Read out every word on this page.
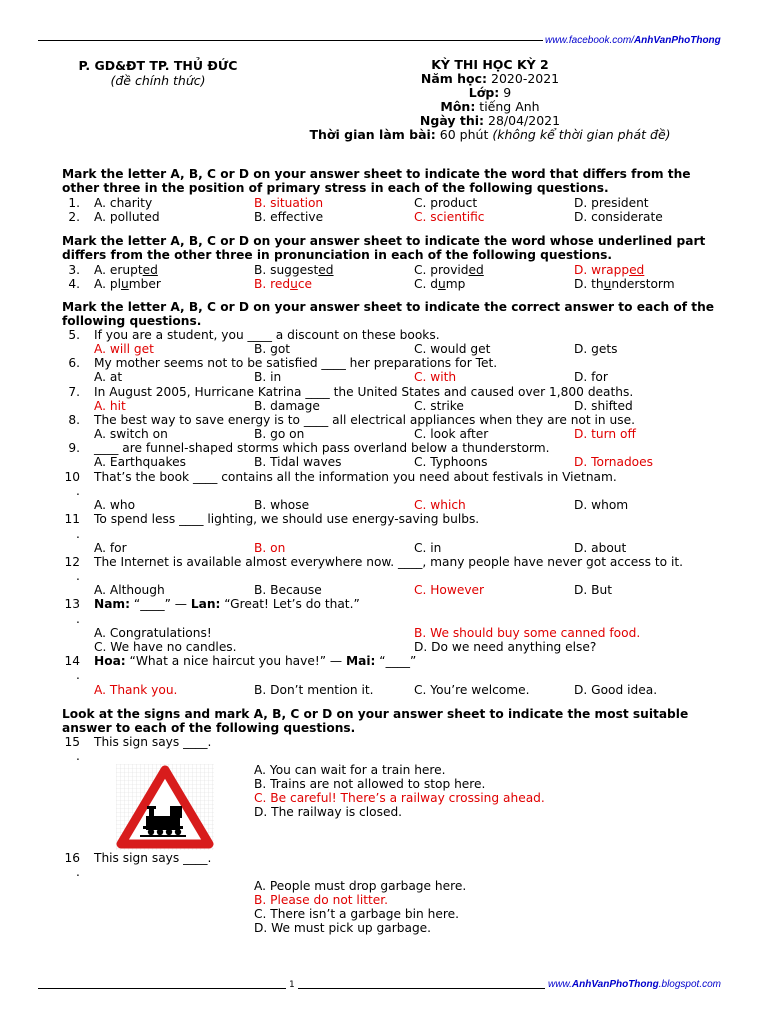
www.facebook.com/AnhVanPhoThong
P. GD&ĐT TP. THỦ ĐỨC
(đề chính thức)
KỲ THI HỌC KỲ 2
Năm học: 2020-2021
Lớp: 9
Môn: tiếng Anh
Ngày thi: 28/04/2021
Thời gian làm bài: 60 phút (không kể thời gian phát đề)
Mark the letter A, B, C or D on your answer sheet to indicate the word that differs from the other three in the position of primary stress in each of the following questions.
1. A. charity	B. situation	C. product	D. president
2. A. polluted	B. effective	C. scientific	D. considerate
Mark the letter A, B, C or D on your answer sheet to indicate the word whose underlined part differs from the other three in pronunciation in each of the following questions.
3. A. erupted	B. suggested	C. provided	D. wrapped
4. A. plumber	B. reduce	C. dump	D. thunderstorm
Mark the letter A, B, C or D on your answer sheet to indicate the correct answer to each of the following questions.
5. If you are a student, you ____ a discount on these books.
A. will get	B. got	C. would get	D. gets
6. My mother seems not to be satisfied ____ her preparations for Tet.
A. at	B. in	C. with	D. for
7. In August 2005, Hurricane Katrina ____ the United States and caused over 1,800 deaths.
A. hit	B. damage	C. strike	D. shifted
8. The best way to save energy is to ____ all electrical appliances when they are not in use.
A. switch on	B. go on	C. look after	D. turn off
9. ____ are funnel-shaped storms which pass overland below a thunderstorm.
A. Earthquakes	B. Tidal waves	C. Typhoons	D. Tornadoes
10 That’s the book ____ contains all the information you need about festivals in Vietnam.
.
A. who	B. whose	C. which	D. whom
11 To spend less ____ lighting, we should use energy-saving bulbs.
.
A. for	B. on	C. in	D. about
12 The Internet is available almost everywhere now. ____, many people have never got access to it.
.
A. Although	B. Because	C. However	D. But
13 Nam: “____” — Lan: “Great! Let’s do that.”
.
A. Congratulations!	B. We should buy some canned food.
C. We have no candles.	D. Do we need anything else?
14 Hoa: “What a nice haircut you have!” — Mai: “____”
.
A. Thank you.	B. Don’t mention it.	C. You’re welcome.	D. Good idea.
Look at the signs and mark A, B, C or D on your answer sheet to indicate the most suitable answer to each of the following questions.
15 This sign says ____.
.
A. You can wait for a train here.
B. Trains are not allowed to stop here.
C. Be careful! There’s a railway crossing ahead.
D. The railway is closed.
16 This sign says ____.
.
A. People must drop garbage here.
B. Please do not litter.
C. There isn’t a garbage bin here.
D. We must pick up garbage.
1	www.AnhVanPhoThong.blogspot.com
